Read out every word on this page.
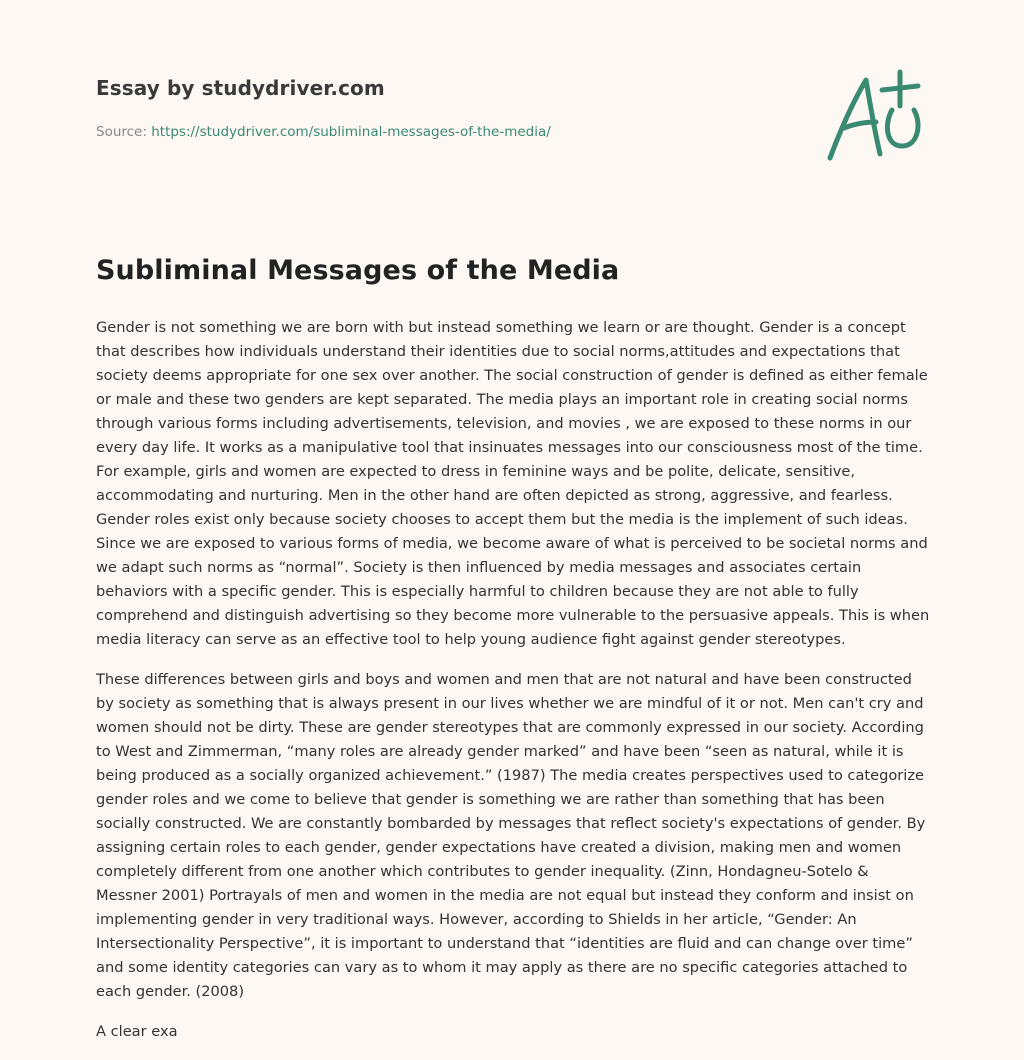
Essay by studydriver.com
Source: https://studydriver.com/subliminal-messages-of-the-media/
Subliminal Messages of the Media

Gender is not something we are born with but instead something we learn or are thought. Gender is a concept that describes how individuals understand their identities due to social norms,attitudes and expectations that society deems appropriate for one sex over another. The social construction of gender is defined as either female or male and these two genders are kept separated. The media plays an important role in creating social norms through various forms including advertisements, television, and movies , we are exposed to these norms in our every day life. It works as a manipulative tool that insinuates messages into our consciousness most of the time. For example, girls and women are expected to dress in feminine ways and be polite, delicate, sensitive, accommodating and nurturing. Men in the other hand are often depicted as strong, aggressive, and fearless. Gender roles exist only because society chooses to accept them but the media is the implement of such ideas. Since we are exposed to various forms of media, we become aware of what is perceived to be societal norms and we adapt such norms as “normal”. Society is then influenced by media messages and associates certain behaviors with a specific gender. This is especially harmful to children because they are not able to fully comprehend and distinguish advertising so they become more vulnerable to the persuasive appeals. This is when media literacy can serve as an effective tool to help young audience fight against gender stereotypes.

These differences between girls and boys and women and men that are not natural and have been constructed by society as something that is always present in our lives whether we are mindful of it or not. Men can't cry and women should not be dirty. These are gender stereotypes that are commonly expressed in our society. According to West and Zimmerman, “many roles are already gender marked” and have been “seen as natural, while it is being produced as a socially organized achievement.” (1987) The media creates perspectives used to categorize gender roles and we come to believe that gender is something we are rather than something that has been socially constructed. We are constantly bombarded by messages that reflect society's expectations of gender. By assigning certain roles to each gender, gender expectations have created a division, making men and women completely different from one another which contributes to gender inequality. (Zinn, Hondagneu-Sotelo & Messner 2001) Portrayals of men and women in the media are not equal but instead they conform and insist on implementing gender in very traditional ways. However, according to Shields in her article, “Gender: An Intersectionality Perspective”, it is important to understand that “identities are fluid and can change over time” and some identity categories can vary as to whom it may apply as there are no specific categories attached to each gender. (2008)

A clear exa
